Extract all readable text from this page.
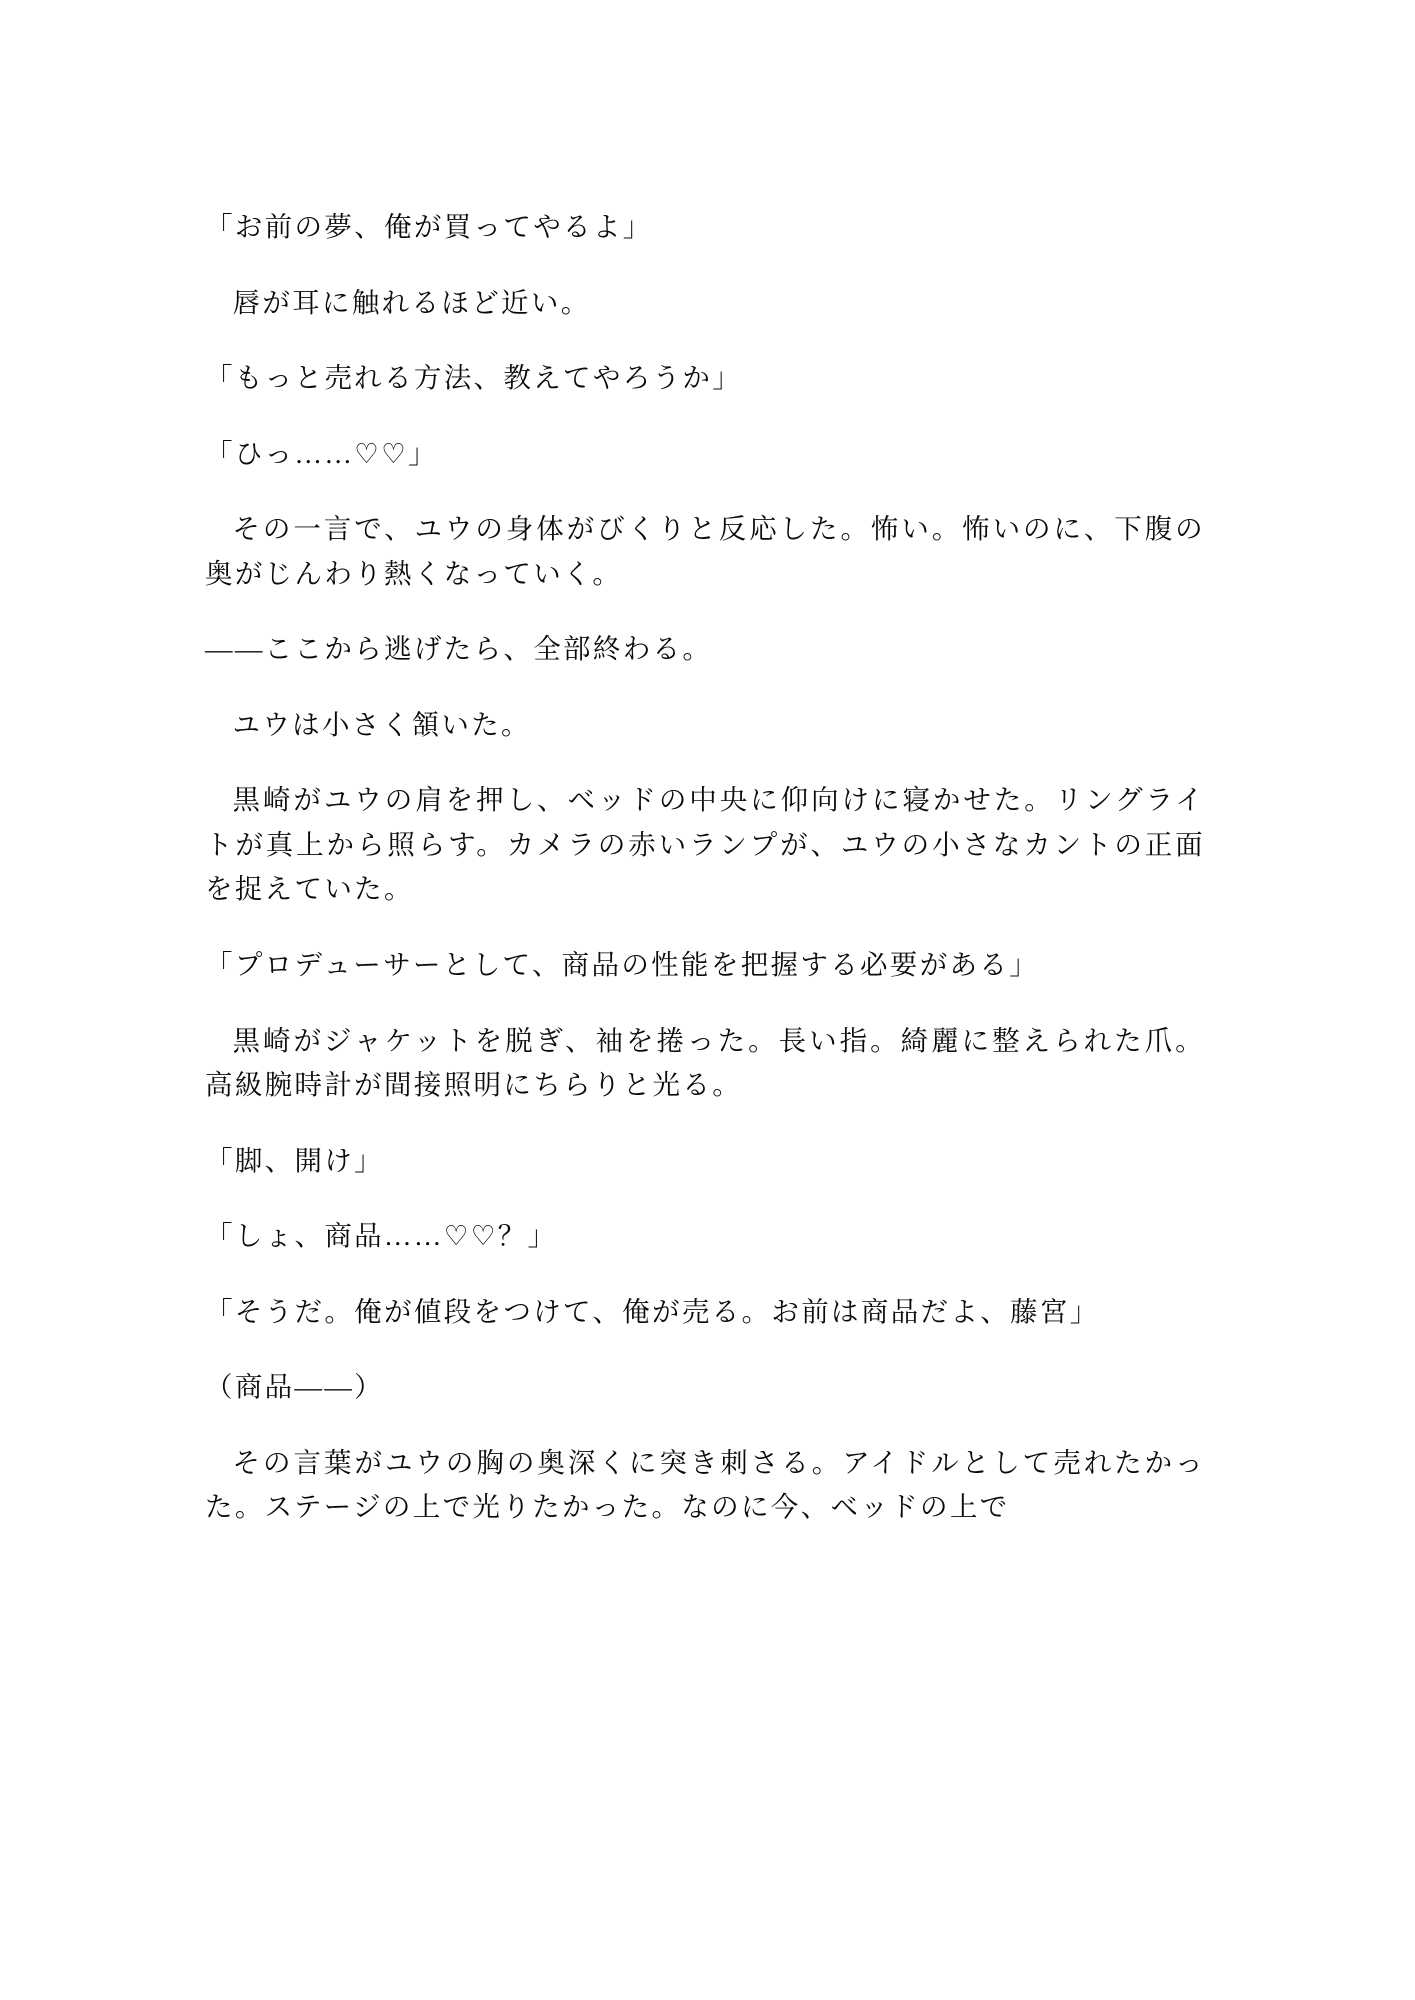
「お前の夢、俺が買ってやるよ」

唇が耳に触れるほど近い。

「もっと売れる方法、教えてやろうか」

「ひっ……♡♡」

その一言で、ユウの身体がびくりと反応した。怖い。怖いのに、下腹の奥がじんわり熱くなっていく。

——ここから逃げたら、全部終わる。

ユウは小さく頷いた。

黒崎がユウの肩を押し、ベッドの中央に仰向けに寝かせた。リングライトが真上から照らす。カメラの赤いランプが、ユウの小さなカントの正面を捉えていた。

「プロデューサーとして、商品の性能を把握する必要がある」

黒崎がジャケットを脱ぎ、袖を捲った。長い指。綺麗に整えられた爪。高級腕時計が間接照明にちらりと光る。

「脚、開け」

「しょ、商品……♡♡？」

「そうだ。俺が値段をつけて、俺が売る。お前は商品だよ、藤宮」

（商品——）

その言葉がユウの胸の奥深くに突き刺さる。アイドルとして売れたかった。ステージの上で光りたかった。なのに今、ベッドの上で
